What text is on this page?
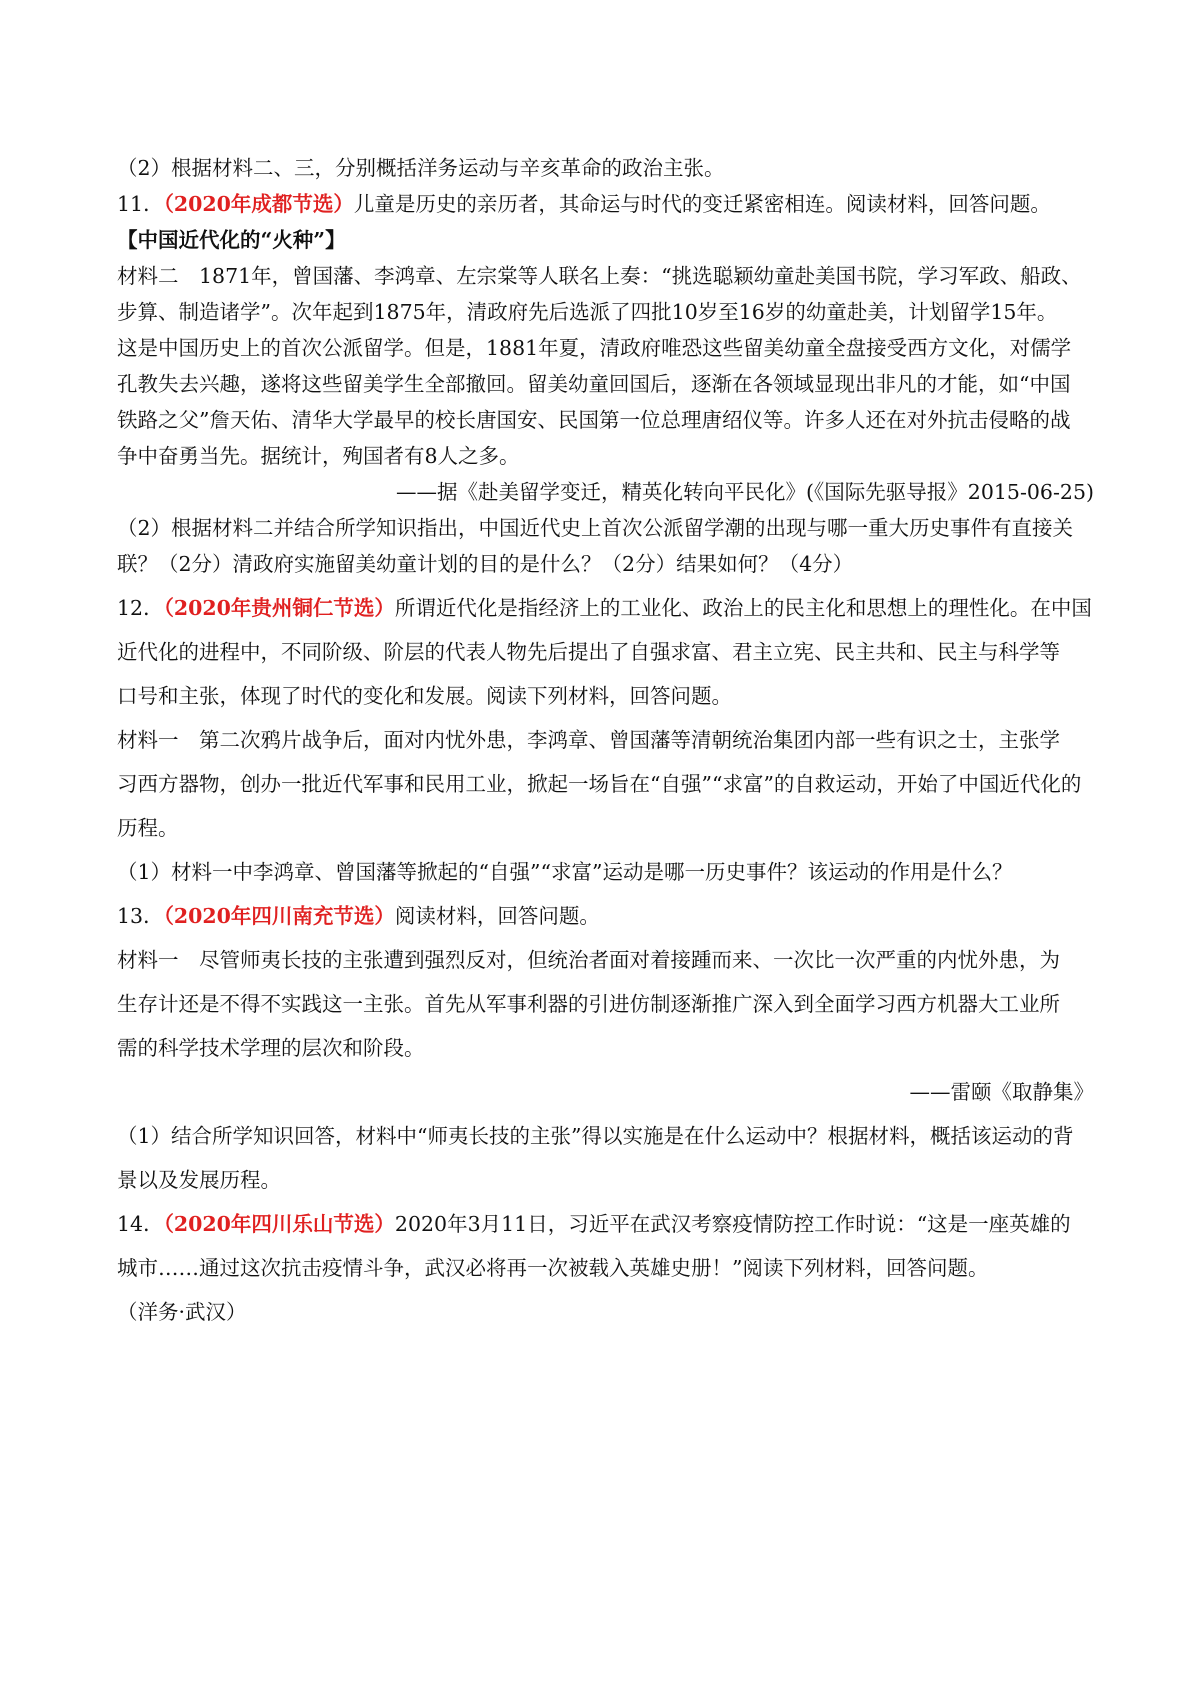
（2）根据材料二、三，分别概括洋务运动与辛亥革命的政治主张。

11．（2020年成都节选）儿童是历史的亲历者，其命运与时代的变迁紧密相连。阅读材料，回答问题。

【中国近代化的“火种”】

材料二　1871年，曾国藩、李鸿章、左宗棠等人联名上奏：“挑选聪颖幼童赴美国书院，学习军政、船政、

步算、制造诸学”。次年起到1875年，清政府先后选派了四批10岁至16岁的幼童赴美，计划留学15年。

这是中国历史上的首次公派留学。但是，1881年夏，清政府唯恐这些留美幼童全盘接受西方文化，对儒学

孔教失去兴趣，遂将这些留美学生全部撤回。留美幼童回国后，逐渐在各领域显现出非凡的才能，如“中国

铁路之父”詹天佑、清华大学最早的校长唐国安、民国第一位总理唐绍仪等。许多人还在对外抗击侵略的战

争中奋勇当先。据统计，殉国者有8人之多。

——据《赴美留学变迁，精英化转向平民化》(《国际先驱导报》2015-06-25)

（2）根据材料二并结合所学知识指出，中国近代史上首次公派留学潮的出现与哪一重大历史事件有直接关

联？（2分）清政府实施留美幼童计划的目的是什么？（2分）结果如何？（4分）

12．（2020年贵州铜仁节选）所谓近代化是指经济上的工业化、政治上的民主化和思想上的理性化。在中国

近代化的进程中，不同阶级、阶层的代表人物先后提出了自强求富、君主立宪、民主共和、民主与科学等

口号和主张，体现了时代的变化和发展。阅读下列材料，回答问题。

材料一　第二次鸦片战争后，面对内忧外患，李鸿章、曾国藩等清朝统治集团内部一些有识之士，主张学

习西方器物，创办一批近代军事和民用工业，掀起一场旨在“自强”“求富”的自救运动，开始了中国近代化的

历程。

（1）材料一中李鸿章、曾国藩等掀起的“自强”“求富”运动是哪一历史事件？该运动的作用是什么？

13．（2020年四川南充节选）阅读材料，回答问题。

材料一　尽管师夷长技的主张遭到强烈反对，但统治者面对着接踵而来、一次比一次严重的内忧外患，为

生存计还是不得不实践这一主张。首先从军事利器的引进仿制逐渐推广深入到全面学习西方机器大工业所

需的科学技术学理的层次和阶段。

——雷颐《取静集》

（1）结合所学知识回答，材料中“师夷长技的主张”得以实施是在什么运动中？根据材料，概括该运动的背

景以及发展历程。

14．（2020年四川乐山节选）2020年3月11日，习近平在武汉考察疫情防控工作时说：“这是一座英雄的

城市……通过这次抗击疫情斗争，武汉必将再一次被载入英雄史册！”阅读下列材料，回答问题。

（洋务·武汉）
